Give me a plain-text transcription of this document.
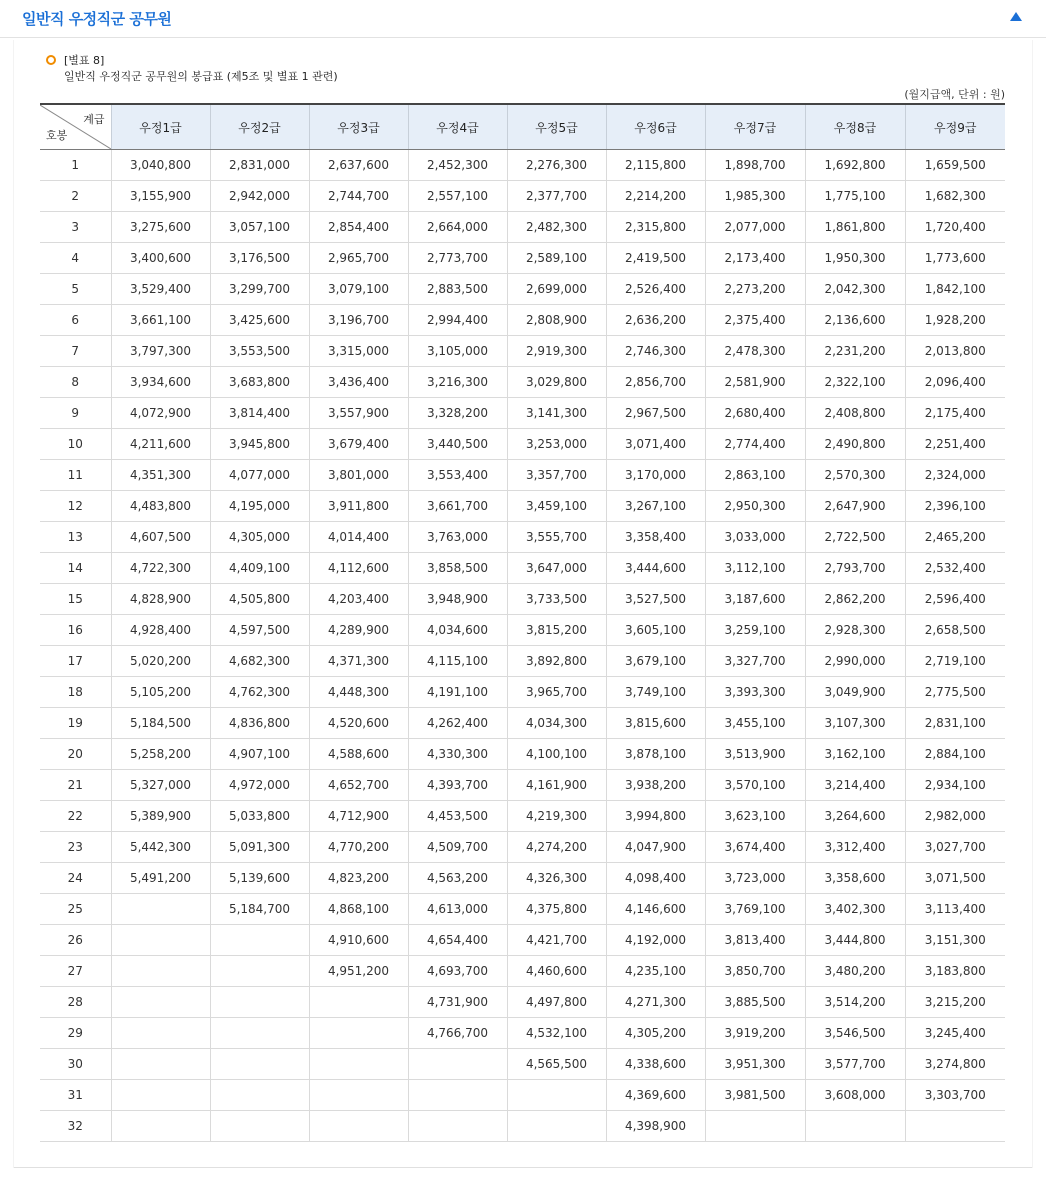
일반직 우정직군 공무원
[별표 8]
일반직 우정직군 공무원의 봉급표 (제5조 및 별표 1 관련)
(월지급액, 단위 : 원)
계급
호봉	우정1급	우정2급	우정3급	우정4급	우정5급	우정6급	우정7급	우정8급	우정9급
1	3,040,800	2,831,000	2,637,600	2,452,300	2,276,300	2,115,800	1,898,700	1,692,800	1,659,500
2	3,155,900	2,942,000	2,744,700	2,557,100	2,377,700	2,214,200	1,985,300	1,775,100	1,682,300
3	3,275,600	3,057,100	2,854,400	2,664,000	2,482,300	2,315,800	2,077,000	1,861,800	1,720,400
4	3,400,600	3,176,500	2,965,700	2,773,700	2,589,100	2,419,500	2,173,400	1,950,300	1,773,600
5	3,529,400	3,299,700	3,079,100	2,883,500	2,699,000	2,526,400	2,273,200	2,042,300	1,842,100
6	3,661,100	3,425,600	3,196,700	2,994,400	2,808,900	2,636,200	2,375,400	2,136,600	1,928,200
7	3,797,300	3,553,500	3,315,000	3,105,000	2,919,300	2,746,300	2,478,300	2,231,200	2,013,800
8	3,934,600	3,683,800	3,436,400	3,216,300	3,029,800	2,856,700	2,581,900	2,322,100	2,096,400
9	4,072,900	3,814,400	3,557,900	3,328,200	3,141,300	2,967,500	2,680,400	2,408,800	2,175,400
10	4,211,600	3,945,800	3,679,400	3,440,500	3,253,000	3,071,400	2,774,400	2,490,800	2,251,400
11	4,351,300	4,077,000	3,801,000	3,553,400	3,357,700	3,170,000	2,863,100	2,570,300	2,324,000
12	4,483,800	4,195,000	3,911,800	3,661,700	3,459,100	3,267,100	2,950,300	2,647,900	2,396,100
13	4,607,500	4,305,000	4,014,400	3,763,000	3,555,700	3,358,400	3,033,000	2,722,500	2,465,200
14	4,722,300	4,409,100	4,112,600	3,858,500	3,647,000	3,444,600	3,112,100	2,793,700	2,532,400
15	4,828,900	4,505,800	4,203,400	3,948,900	3,733,500	3,527,500	3,187,600	2,862,200	2,596,400
16	4,928,400	4,597,500	4,289,900	4,034,600	3,815,200	3,605,100	3,259,100	2,928,300	2,658,500
17	5,020,200	4,682,300	4,371,300	4,115,100	3,892,800	3,679,100	3,327,700	2,990,000	2,719,100
18	5,105,200	4,762,300	4,448,300	4,191,100	3,965,700	3,749,100	3,393,300	3,049,900	2,775,500
19	5,184,500	4,836,800	4,520,600	4,262,400	4,034,300	3,815,600	3,455,100	3,107,300	2,831,100
20	5,258,200	4,907,100	4,588,600	4,330,300	4,100,100	3,878,100	3,513,900	3,162,100	2,884,100
21	5,327,000	4,972,000	4,652,700	4,393,700	4,161,900	3,938,200	3,570,100	3,214,400	2,934,100
22	5,389,900	5,033,800	4,712,900	4,453,500	4,219,300	3,994,800	3,623,100	3,264,600	2,982,000
23	5,442,300	5,091,300	4,770,200	4,509,700	4,274,200	4,047,900	3,674,400	3,312,400	3,027,700
24	5,491,200	5,139,600	4,823,200	4,563,200	4,326,300	4,098,400	3,723,000	3,358,600	3,071,500
25		5,184,700	4,868,100	4,613,000	4,375,800	4,146,600	3,769,100	3,402,300	3,113,400
26			4,910,600	4,654,400	4,421,700	4,192,000	3,813,400	3,444,800	3,151,300
27			4,951,200	4,693,700	4,460,600	4,235,100	3,850,700	3,480,200	3,183,800
28				4,731,900	4,497,800	4,271,300	3,885,500	3,514,200	3,215,200
29				4,766,700	4,532,100	4,305,200	3,919,200	3,546,500	3,245,400
30					4,565,500	4,338,600	3,951,300	3,577,700	3,274,800
31						4,369,600	3,981,500	3,608,000	3,303,700
32						4,398,900			
